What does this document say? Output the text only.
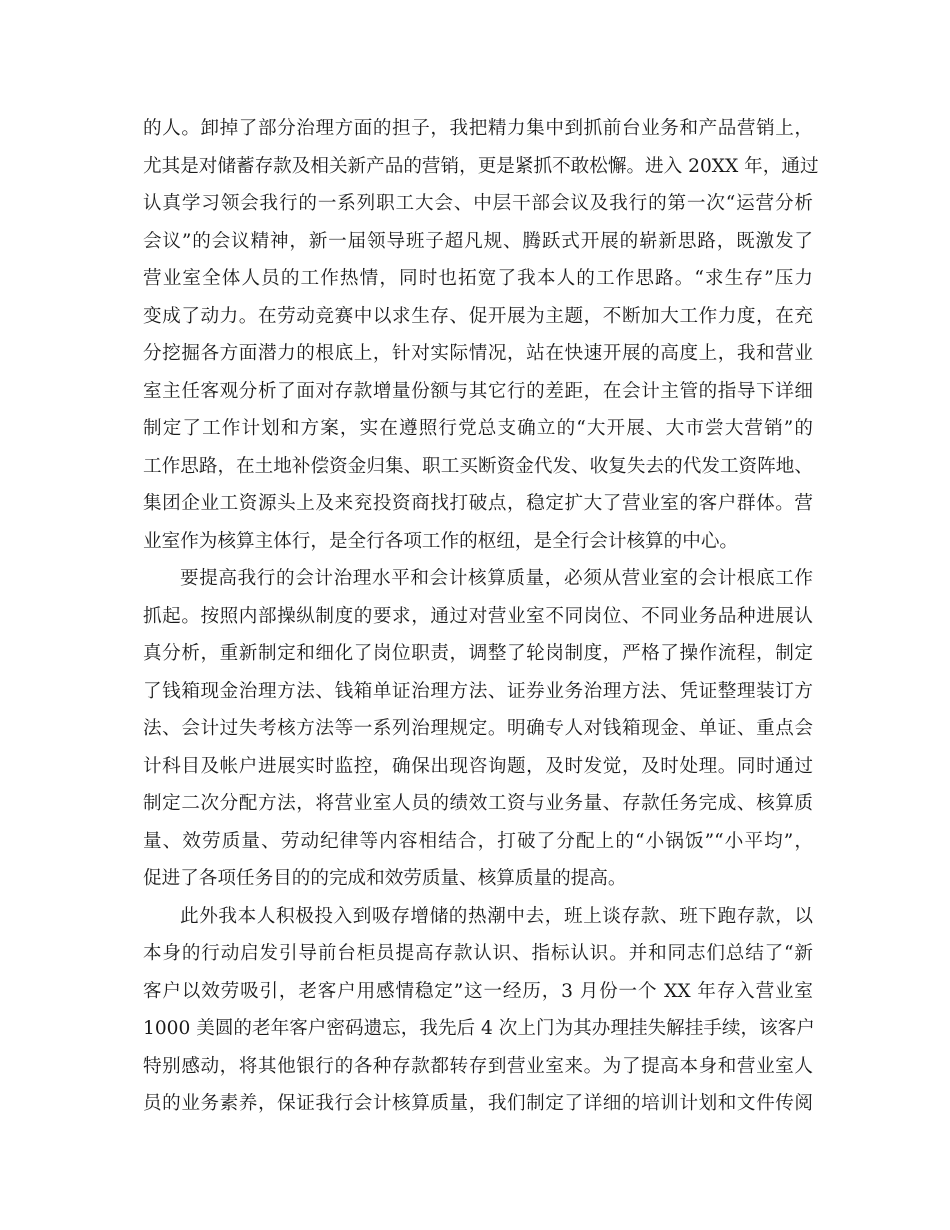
的人。卸掉了部分治理方面的担子，我把精力集中到抓前台业务和产品营销上，
尤其是对储蓄存款及相关新产品的营销，更是紧抓不敢松懈。进入 20XX 年，通过
认真学习领会我行的一系列职工大会、中层干部会议及我行的第一次“运营分析
会议”的会议精神，新一届领导班子超凡规、腾跃式开展的崭新思路，既激发了
营业室全体人员的工作热情，同时也拓宽了我本人的工作思路。“求生存”压力
变成了动力。在劳动竞赛中以求生存、促开展为主题，不断加大工作力度，在充
分挖掘各方面潜力的根底上，针对实际情况，站在快速开展的高度上，我和营业
室主任客观分析了面对存款增量份额与其它行的差距，在会计主管的指导下详细
制定了工作计划和方案，实在遵照行党总支确立的“大开展、大市尝大营销”的
工作思路，在土地补偿资金归集、职工买断资金代发、收复失去的代发工资阵地、
集团企业工资源头上及来兖投资商找打破点，稳定扩大了营业室的客户群体。营
业室作为核算主体行，是全行各项工作的枢纽，是全行会计核算的中心。
要提高我行的会计治理水平和会计核算质量，必须从营业室的会计根底工作
抓起。按照内部操纵制度的要求，通过对营业室不同岗位、不同业务品种进展认
真分析，重新制定和细化了岗位职责，调整了轮岗制度，严格了操作流程，制定
了钱箱现金治理方法、钱箱单证治理方法、证券业务治理方法、凭证整理装订方
法、会计过失考核方法等一系列治理规定。明确专人对钱箱现金、单证、重点会
计科目及帐户进展实时监控，确保出现咨询题，及时发觉，及时处理。同时通过
制定二次分配方法，将营业室人员的绩效工资与业务量、存款任务完成、核算质
量、效劳质量、劳动纪律等内容相结合，打破了分配上的“小锅饭”“小平均”，
促进了各项任务目的的完成和效劳质量、核算质量的提高。
此外我本人积极投入到吸存增储的热潮中去，班上谈存款、班下跑存款，以
本身的行动启发引导前台柜员提高存款认识、指标认识。并和同志们总结了“新
客户以效劳吸引，老客户用感情稳定”这一经历，3 月份一个 XX 年存入营业室
1000 美圆的老年客户密码遗忘，我先后 4 次上门为其办理挂失解挂手续，该客户
特别感动，将其他银行的各种存款都转存到营业室来。为了提高本身和营业室人
员的业务素养，保证我行会计核算质量，我们制定了详细的培训计划和文件传阅
